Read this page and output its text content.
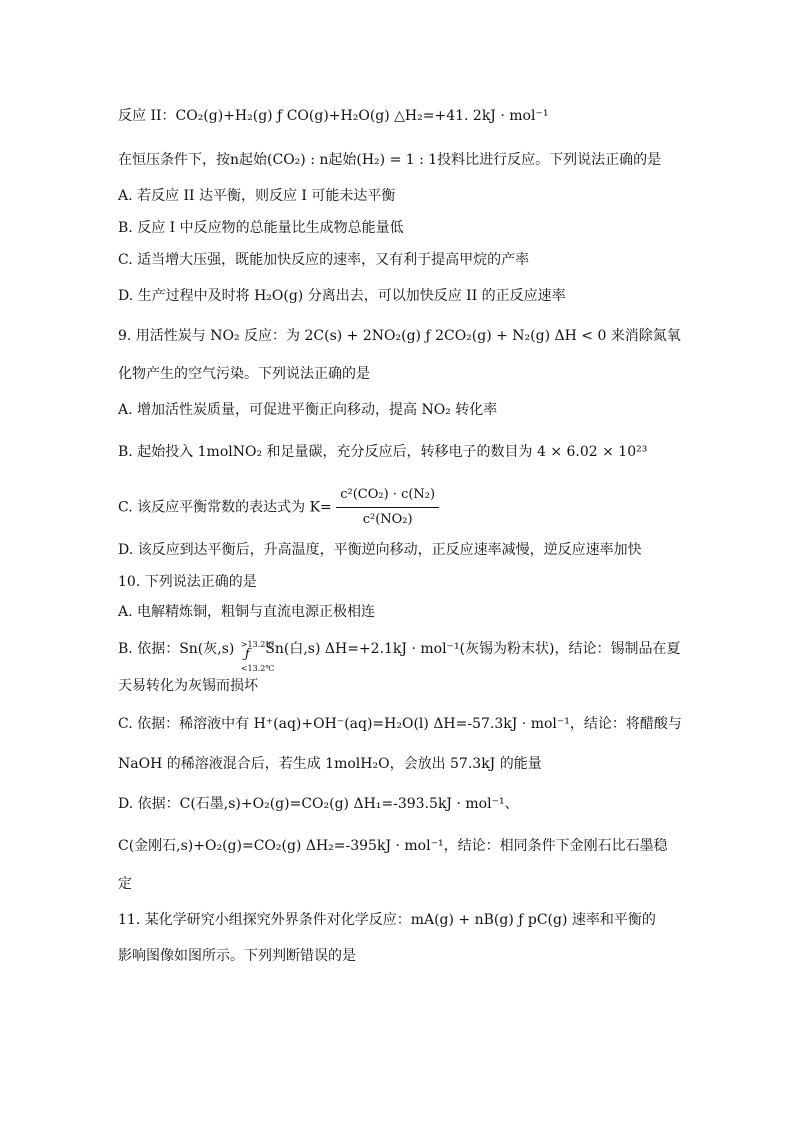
反应 II：CO₂(g)+H₂(g) ƒ CO(g)+H₂O(g) △H₂=+41. 2kJ · mol⁻¹
在恒压条件下，按n起始(CO₂) : n起始(H₂) = 1 : 1投料比进行反应。下列说法正确的是
A. 若反应 II 达平衡，则反应 I 可能未达平衡
B. 反应 I 中反应物的总能量比生成物总能量低
C. 适当增大压强，既能加快反应的速率，又有利于提高甲烷的产率
D. 生产过程中及时将 H₂O(g) 分离出去，可以加快反应 II 的正反应速率
9. 用活性炭与 NO₂ 反应：为 2C(s) + 2NO₂(g) ƒ 2CO₂(g) + N₂(g) ΔH < 0 来消除氮氧
化物产生的空气污染。下列说法正确的是
A. 增加活性炭质量，可促进平衡正向移动，提高 NO₂ 转化率
B. 起始投入 1molNO₂ 和足量碳，充分反应后，转移电子的数目为 4 × 6.02 × 10²³
C. 该反应平衡常数的表达式为 $K= \frac{\text{c²(CO₂) · c(N₂)}}{\text{c²(NO₂)}}$
D. 该反应到达平衡后，升高温度，平衡逆向移动，正反应速率减慢，逆反应速率加快
10. 下列说法正确的是
A. 电解精炼铜，粗铜与直流电源正极相连
B. 依据：Sn(灰,s) >13.2℃
ƒ
<13.2℃
Sn(白,s) ΔH=+2.1kJ · mol⁻¹(灰锡为粉末状)，结论：锡制品在夏
天易转化为灰锡而损坏
C. 依据：稀溶液中有 H⁺(aq)+OH⁻(aq)=H₂O(l) ΔH=-57.3kJ · mol⁻¹，结论：将醋酸与
NaOH 的稀溶液混合后，若生成 1molH₂O，会放出 57.3kJ 的能量
D. 依据：C(石墨,s)+O₂(g)=CO₂(g) ΔH₁=-393.5kJ · mol⁻¹、
C(金刚石,s)+O₂(g)=CO₂(g) ΔH₂=-395kJ · mol⁻¹，结论：相同条件下金刚石比石墨稳
定
11. 某化学研究小组探究外界条件对化学反应：mA(g) + nB(g) ƒ pC(g) 速率和平衡的
影响图像如图所示。下列判断错误的是
